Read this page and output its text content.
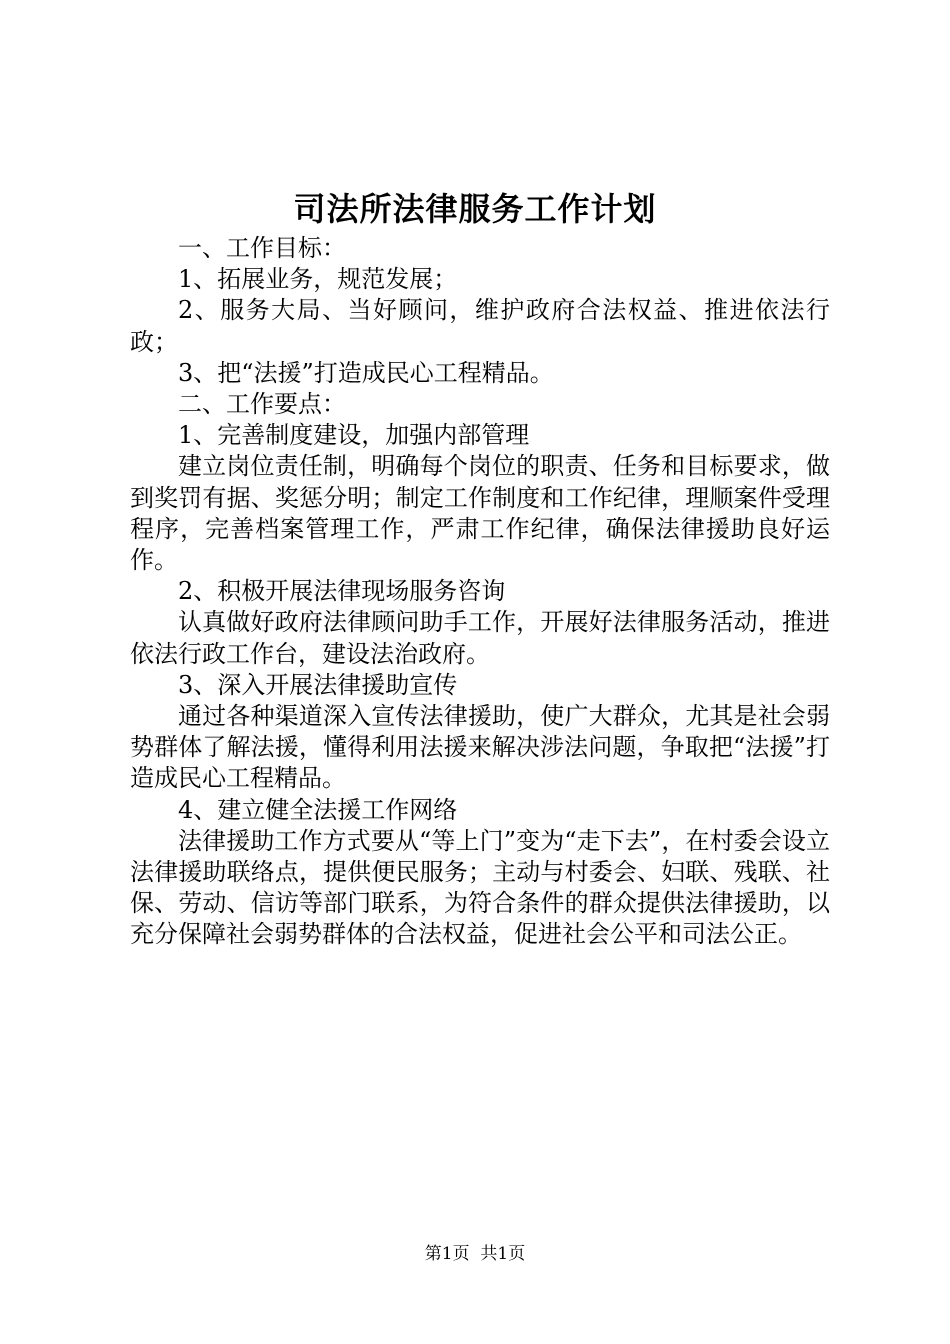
司法所法律服务工作计划

一、工作目标：

1、拓展业务，规范发展；

2、服务大局、当好顾问，维护政府合法权益、推进依法行政；

3、把“法援”打造成民心工程精品。

二、工作要点：

1、完善制度建设，加强内部管理

建立岗位责任制，明确每个岗位的职责、任务和目标要求，做到奖罚有据、奖惩分明；制定工作制度和工作纪律，理顺案件受理程序，完善档案管理工作，严肃工作纪律，确保法律援助良好运作。

2、积极开展法律现场服务咨询

认真做好政府法律顾问助手工作，开展好法律服务活动，推进依法行政工作台，建设法治政府。

3、深入开展法律援助宣传

通过各种渠道深入宣传法律援助，使广大群众，尤其是社会弱势群体了解法援，懂得利用法援来解决涉法问题，争取把“法援”打造成民心工程精品。

4、建立健全法援工作网络

法律援助工作方式要从“等上门”变为“走下去”，在村委会设立法律援助联络点，提供便民服务；主动与村委会、妇联、残联、社保、劳动、信访等部门联系，为符合条件的群众提供法律援助，以充分保障社会弱势群体的合法权益，促进社会公平和司法公正。

第1页 共1页
